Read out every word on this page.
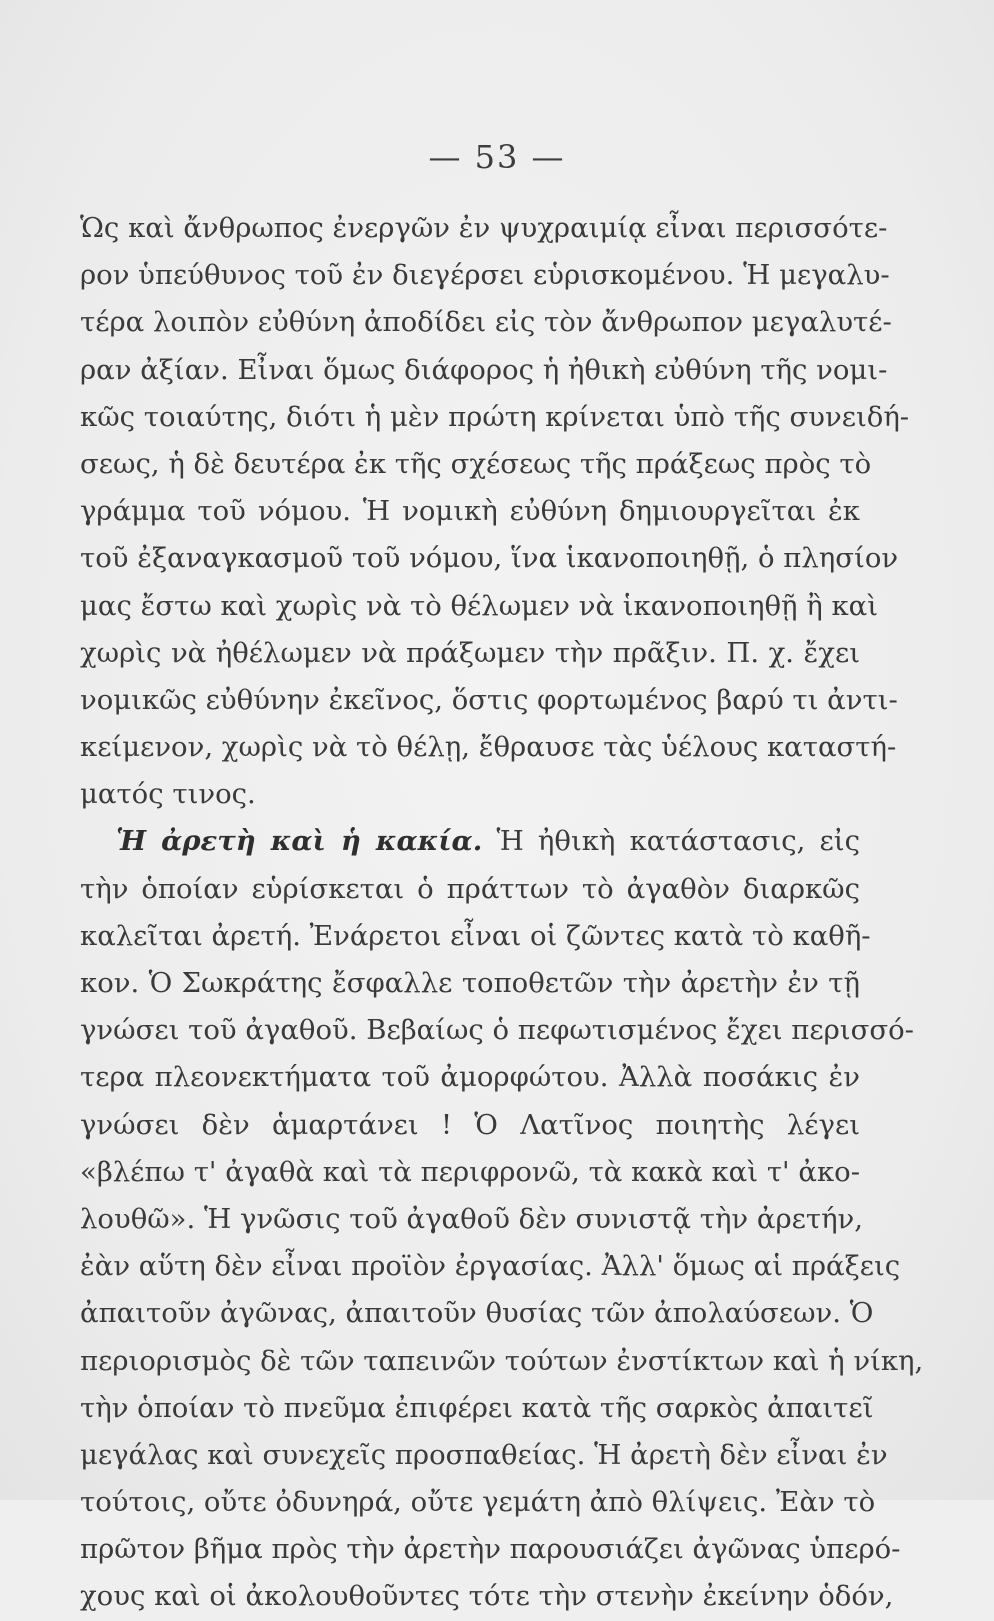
— 53 —
Ὡς καὶ ἄνθρωπος ἐνεργῶν ἐν ψυχραιμίᾳ εἶναι περισσότε-
ρον ὑπεύθυνος τοῦ ἐν διεγέρσει εὑρισκομένου. Ἡ μεγαλυ-
τέρα λοιπὸν εὐθύνη ἀποδίδει εἰς τὸν ἄνθρωπον μεγαλυτέ-
ραν ἀξίαν. Εἶναι ὅμως διάφορος ἡ ἠθικὴ εὐθύνη τῆς νομι-
κῶς τοιαύτης, διότι ἡ μὲν πρώτη κρίνεται ὑπὸ τῆς συνειδή-
σεως, ἡ δὲ δευτέρα ἐκ τῆς σχέσεως τῆς πράξεως πρὸς τὸ
γράμμα τοῦ νόμου. Ἡ νομικὴ εὐθύνη δημιουργεῖται ἐκ
τοῦ ἐξαναγκασμοῦ τοῦ νόμου, ἵνα ἱκανοποιηθῇ, ὁ πλησίον
μας ἔστω καὶ χωρὶς νὰ τὸ θέλωμεν νὰ ἱκανοποιηθῇ ἢ καὶ
χωρὶς νὰ ἠθέλωμεν νὰ πράξωμεν τὴν πρᾶξιν. Π. χ. ἔχει
νομικῶς εὐθύνην ἐκεῖνος, ὅστις φορτωμένος βαρύ τι ἀντι-
κείμενον, χωρὶς νὰ τὸ θέλῃ, ἔθραυσε τὰς ὑέλους καταστή-
ματός τινος.
Ἡ ἀρετὴ καὶ ἡ κακία. Ἡ ἠθικὴ κατάστασις, εἰς
τὴν ὁποίαν εὑρίσκεται ὁ πράττων τὸ ἀγαθὸν διαρκῶς
καλεῖται ἀρετή. Ἐνάρετοι εἶναι οἱ ζῶντες κατὰ τὸ καθῆ-
κον. Ὁ Σωκράτης ἔσφαλλε τοποθετῶν τὴν ἀρετὴν ἐν τῇ
γνώσει τοῦ ἀγαθοῦ. Βεβαίως ὁ πεφωτισμένος ἔχει περισσό-
τερα πλεονεκτήματα τοῦ ἀμορφώτου. Ἀλλὰ ποσάκις ἐν
γνώσει δὲν ἁμαρτάνει ! Ὁ Λατῖνος ποιητὴς λέγει
«βλέπω τ' ἀγαθὰ καὶ τὰ περιφρονῶ, τὰ κακὰ καὶ τ' ἀκο-
λουθῶ». Ἡ γνῶσις τοῦ ἀγαθοῦ δὲν συνιστᾷ τὴν ἀρετήν,
ἐὰν αὕτη δὲν εἶναι προϊὸν ἐργασίας. Ἀλλ' ὅμως αἱ πράξεις
ἀπαιτοῦν ἀγῶνας, ἀπαιτοῦν θυσίας τῶν ἀπολαύσεων. Ὁ
περιορισμὸς δὲ τῶν ταπεινῶν τούτων ἐνστίκτων καὶ ἡ νίκη,
τὴν ὁποίαν τὸ πνεῦμα ἐπιφέρει κατὰ τῆς σαρκὸς ἀπαιτεῖ
μεγάλας καὶ συνεχεῖς προσπαθείας. Ἡ ἀρετὴ δὲν εἶναι ἐν
τούτοις, οὔτε ὀδυνηρά, οὔτε γεμάτη ἀπὸ θλίψεις. Ἐὰν τὸ
πρῶτον βῆμα πρὸς τὴν ἀρετὴν παρουσιάζει ἀγῶνας ὑπερό-
χους καὶ οἱ ἀκολουθοῦντες τότε τὴν στενὴν ἐκείνην ὁδόν,
